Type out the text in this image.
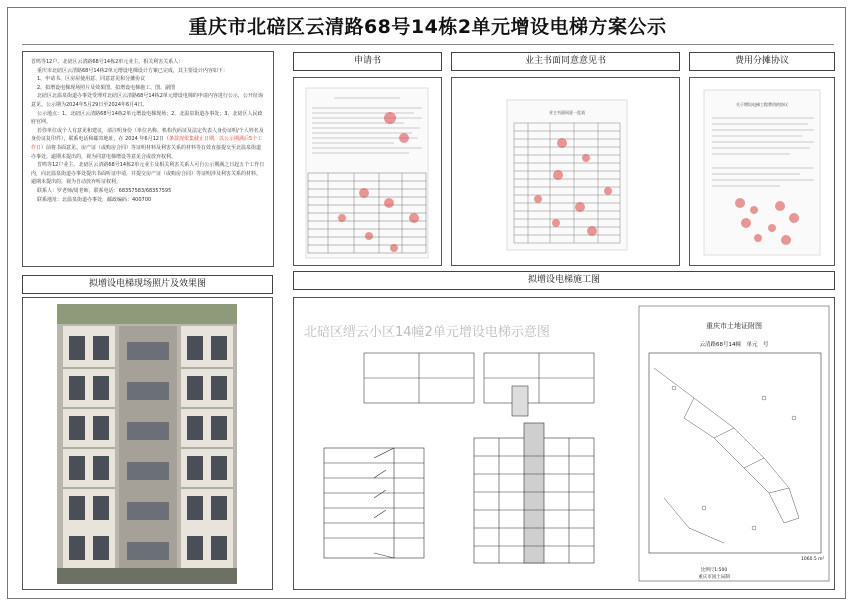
重庆市北碚区云清路68号14栋2单元增设电梯方案公示

晋鸣等12户、北碚区云清路68号14栋2单元业主、相关利害关系人：

重庆市北碚区云清路68号14栋2单元增设电梯设计方案已完成，其主要设计内容如下：

1、申请书、区房屋使用意、同意意见和分摊协议

2、拟增设电梯现场照片及效果图、拟增设电梯施工、图、副图

北碚区北温泉街道办事处受理对北碚区云清路68号14栋2单元增设电梯的申请内容进行公示，公开征询意见。公示期为2024年5月29日至2024年6月4日。

公示地点：1、北碚区云清路68号14栋2单元增设电梯现场；2、北温泉街道办事处；3、北碚区人民政府官网。

若你单位或个人有意见和建议，请注明身份（单位名称、机构代码证及法定代表人身份证明/个人姓名及身份证复印件），联系电话和邮寄地址，在 2024 年6月12日（条款现依集截止日期，以公示期满后5个工作日）前将书面意见、房产证（或购房合同）等证明材料及利害关系的材料等有效直接提交至北温泉街道办事处。逾期未提出的，视为同意电梯增设等意见合或放弃权利。

晋鸣等12户业主、北碚区云清路68号14栋2单元业主及相关利害关系人可自公示期满之日起五个工作日内，向北温泉街道办事处提出书面听证申请，并提交房产证（或购房合同）等证明涉及利害关系的材料。逾期未提出的，视为自动放弃听证权利。

联系人：罗老师/周老师，联系电话：68357583/68357595

联系地址：北温泉街道办事处，邮政编码：400700

申请书	业主书面同意意见书	费用分摊协议
拟增设电梯现场照片及效果图	拟增设电梯施工图
业主书面同意一览表
关于增设电梯工程费用的协议
北碚区缙云小区14幢2单元增设电梯示意图	重庆市土地证附图
云清路68号14幢　单元　号
1060.5 m²
比例尺1:500
重庆市国土局制
